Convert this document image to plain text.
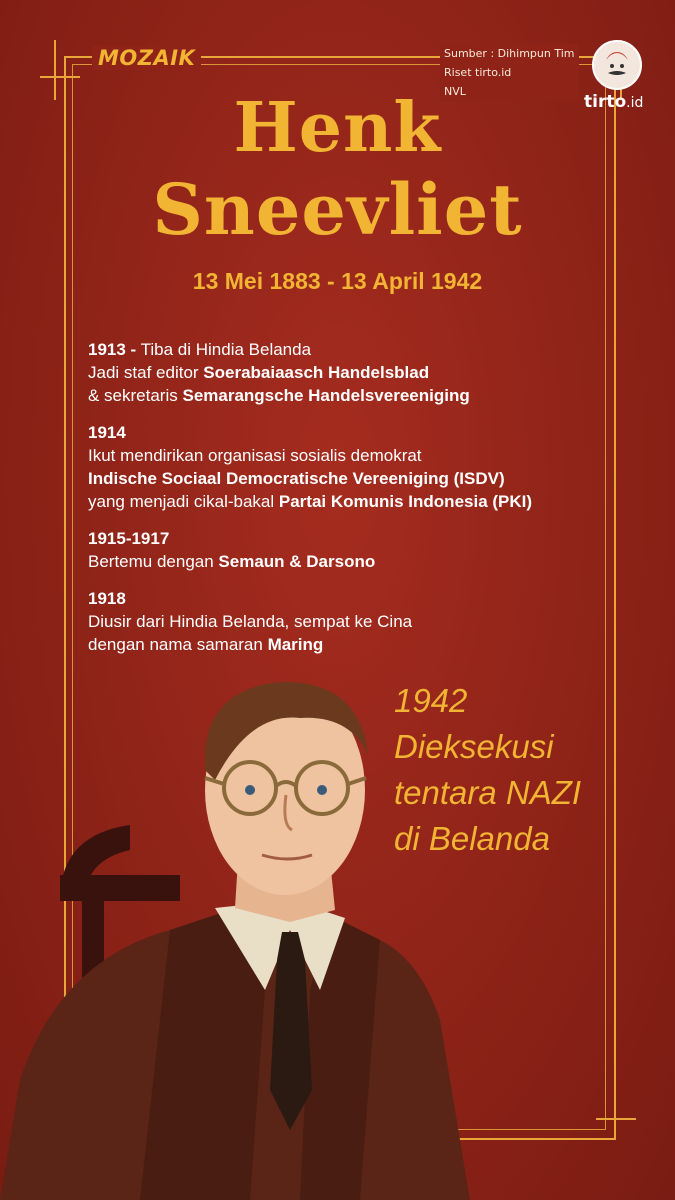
MOZAIK	Sumber : Dihimpun Tim
Riset tirto.id
NVL
tirto.id
Henk
Sneevliet
13 Mei 1883 - 13 April 1942
1913 - Tiba di Hindia Belanda
Jadi staf editor Soerabaiaasch Handelsblad
& sekretaris Semarangsche Handelsvereeniging
1914
Ikut mendirikan organisasi sosialis demokrat
Indische Sociaal Democratische Vereeniging (ISDV)
yang menjadi cikal-bakal Partai Komunis Indonesia (PKI)
1915-1917
Bertemu dengan Semaun & Darsono
1918
Diusir dari Hindia Belanda, sempat ke Cina
dengan nama samaran Maring
1942
Dieksekusi
tentara NAZI
di Belanda
